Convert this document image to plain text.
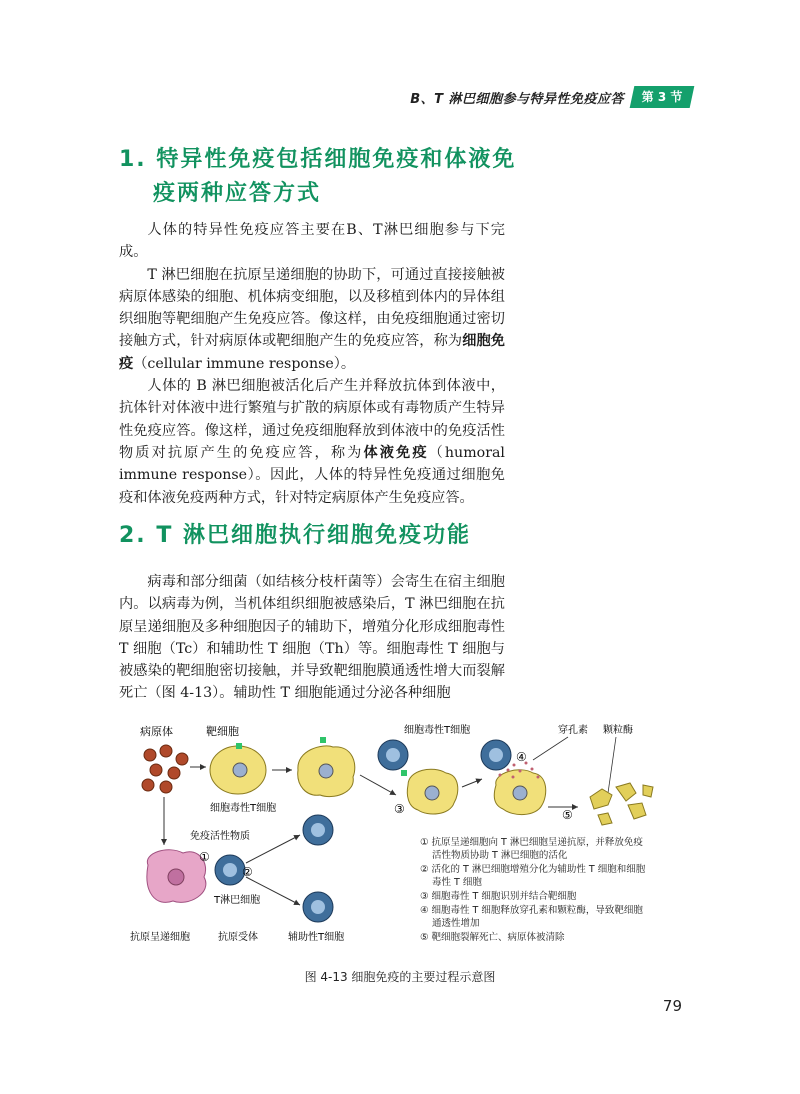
B、T 淋巴细胞参与特异性免疫应答	第 3 节
1. 特异性免疫包括细胞免疫和体液免
疫两种应答方式

人体的特异性免疫应答主要在B、T淋巴细胞参与下完成。

T 淋巴细胞在抗原呈递细胞的协助下，可通过直接接触被病原体感染的细胞、机体病变细胞，以及移植到体内的异体组织细胞等靶细胞产生免疫应答。像这样，由免疫细胞通过密切接触方式，针对病原体或靶细胞产生的免疫应答，称为细胞免疫（cellular immune response）。

人体的 B 淋巴细胞被活化后产生并释放抗体到体液中，抗体针对体液中进行繁殖与扩散的病原体或有毒物质产生特异性免疫应答。像这样，通过免疫细胞释放到体液中的免疫活性物质对抗原产生的免疫应答，称为体液免疫（humoral immune response）。因此，人体的特异性免疫通过细胞免疫和体液免疫两种方式，针对特定病原体产生免疫应答。

2. T 淋巴细胞执行细胞免疫功能

病毒和部分细菌（如结核分枝杆菌等）会寄生在宿主细胞内。以病毒为例，当机体组织细胞被感染后，T 淋巴细胞在抗原呈递细胞及多种细胞因子的辅助下，增殖分化形成细胞毒性 T 细胞（Tc）和辅助性 T 细胞（Th）等。细胞毒性 T 细胞与被感染的靶细胞密切接触，并导致靶细胞膜通透性增大而裂解死亡（图 4-13）。辅助性 T 细胞能通过分泌各种细胞

病原体	靶细胞	细胞毒性T细胞
③
④
穿孔素 颗粒酶
⑤
细胞毒性T细胞
免疫活性物质
①
②
T淋巴细胞
抗原呈递细胞	抗原受体	辅助性T细胞
① 抗原呈递细胞向 T 淋巴细胞呈递抗原，并释放免疫
活性物质协助 T 淋巴细胞的活化
② 活化的 T 淋巴细胞增殖分化为辅助性 T 细胞和细胞
毒性 T 细胞
③ 细胞毒性 T 细胞识别并结合靶细胞
④ 细胞毒性 T 细胞释放穿孔素和颗粒酶，导致靶细胞
通透性增加
⑤ 靶细胞裂解死亡、病原体被清除
图 4-13 细胞免疫的主要过程示意图
79
